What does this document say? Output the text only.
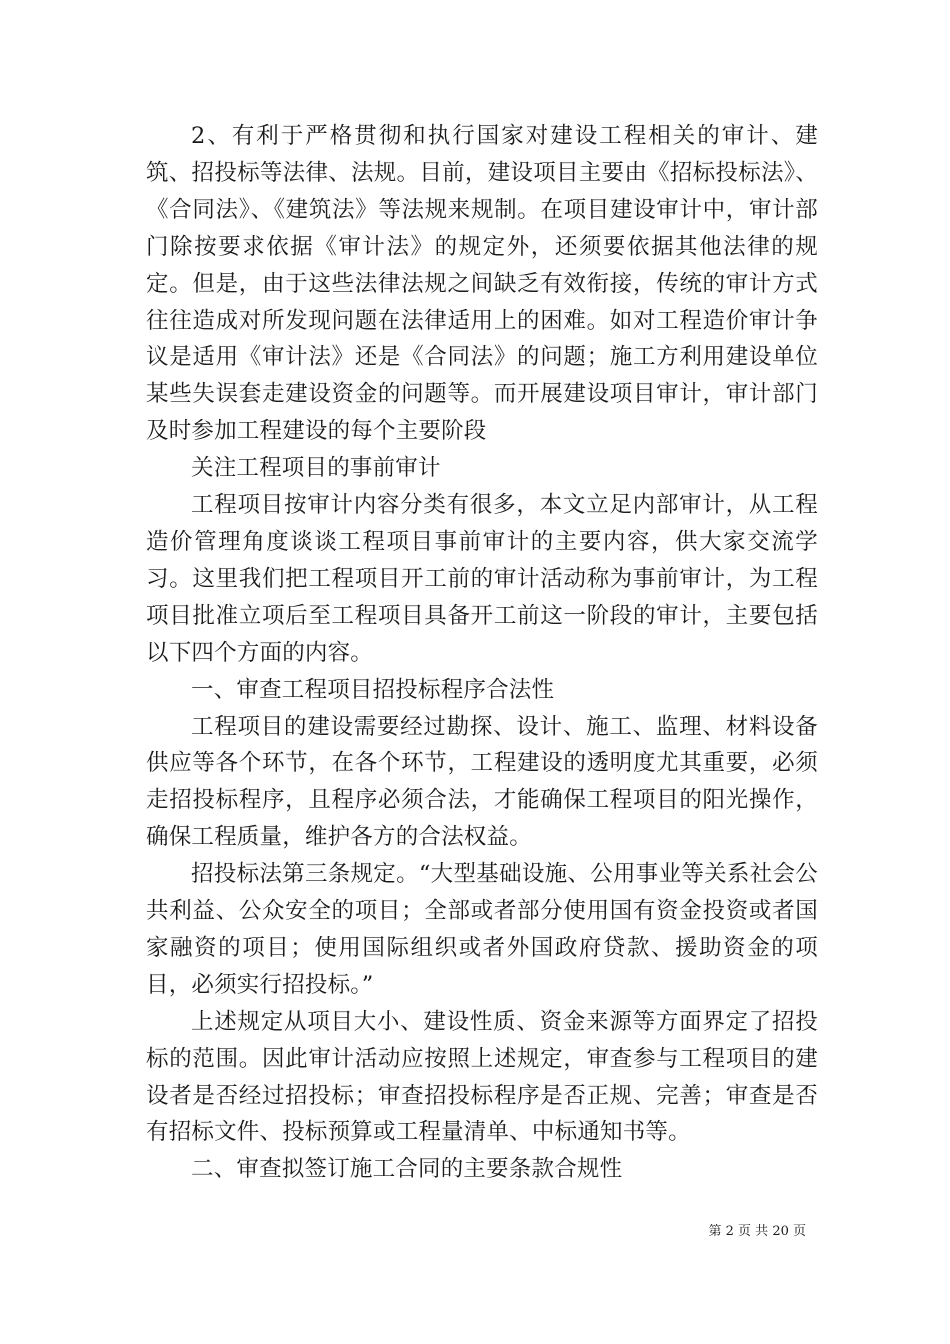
2、有利于严格贯彻和执行国家对建设工程相关的审计、建筑、招投标等法律、法规。目前，建设项目主要由《招标投标法》、《合同法》、《建筑法》等法规来规制。在项目建设审计中，审计部门除按要求依据《审计法》的规定外，还须要依据其他法律的规定。但是，由于这些法律法规之间缺乏有效衔接，传统的审计方式往往造成对所发现问题在法律适用上的困难。如对工程造价审计争议是适用《审计法》还是《合同法》的问题；施工方利用建设单位某些失误套走建设资金的问题等。而开展建设项目审计，审计部门及时参加工程建设的每个主要阶段

关注工程项目的事前审计

工程项目按审计内容分类有很多，本文立足内部审计，从工程造价管理角度谈谈工程项目事前审计的主要内容，供大家交流学习。这里我们把工程项目开工前的审计活动称为事前审计，为工程项目批准立项后至工程项目具备开工前这一阶段的审计，主要包括以下四个方面的内容。

一、审查工程项目招投标程序合法性

工程项目的建设需要经过勘探、设计、施工、监理、材料设备供应等各个环节，在各个环节，工程建设的透明度尤其重要，必须走招投标程序，且程序必须合法，才能确保工程项目的阳光操作，确保工程质量，维护各方的合法权益。

招投标法第三条规定。“大型基础设施、公用事业等关系社会公共利益、公众安全的项目；全部或者部分使用国有资金投资或者国家融资的项目；使用国际组织或者外国政府贷款、援助资金的项目，必须实行招投标。”

上述规定从项目大小、建设性质、资金来源等方面界定了招投标的范围。因此审计活动应按照上述规定，审查参与工程项目的建设者是否经过招投标；审查招投标程序是否正规、完善；审查是否有招标文件、投标预算或工程量清单、中标通知书等。

二、审查拟签订施工合同的主要条款合规性

第 2 页 共 20 页
